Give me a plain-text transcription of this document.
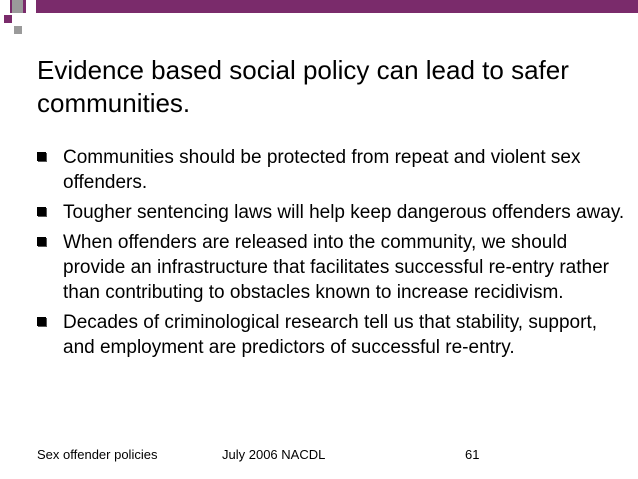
Evidence based social policy can lead to safer communities.
Communities should be protected from repeat and violent sex offenders.
Tougher sentencing laws will help keep dangerous offenders away.
When offenders are released into the community, we should provide an infrastructure that facilitates successful re-entry rather than contributing to obstacles known to increase recidivism.
Decades of criminological research tell us that stability, support, and employment are predictors of successful re-entry.
Sex offender policies	July 2006 NACDL	61
